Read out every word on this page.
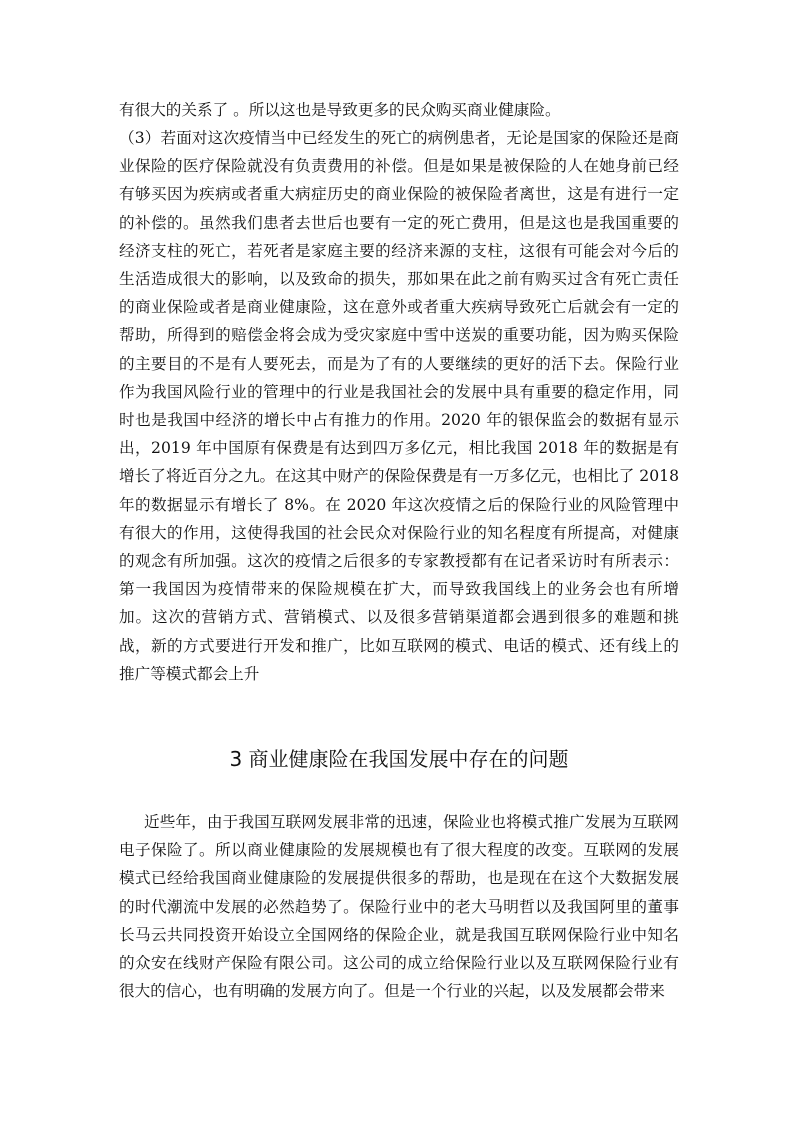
有很大的关系了 。所以这也是导致更多的民众购买商业健康险。

（3）若面对这次疫情当中已经发生的死亡的病例患者，无论是国家的保险还是商业保险的医疗保险就没有负责费用的补偿。但是如果是被保险的人在她身前已经有够买因为疾病或者重大病症历史的商业保险的被保险者离世，这是有进行一定的补偿的。虽然我们患者去世后也要有一定的死亡费用，但是这也是我国重要的经济支柱的死亡，若死者是家庭主要的经济来源的支柱，这很有可能会对今后的生活造成很大的影响，以及致命的损失，那如果在此之前有购买过含有死亡责任的商业保险或者是商业健康险，这在意外或者重大疾病导致死亡后就会有一定的帮助，所得到的赔偿金将会成为受灾家庭中雪中送炭的重要功能，因为购买保险的主要目的不是有人要死去，而是为了有的人要继续的更好的活下去。保险行业作为我国风险行业的管理中的行业是我国社会的发展中具有重要的稳定作用，同时也是我国中经济的增长中占有推力的作用。2020 年的银保监会的数据有显示出，2019 年中国原有保费是有达到四万多亿元，相比我国 2018 年的数据是有增长了将近百分之九。在这其中财产的保险保费是有一万多亿元，也相比了 2018 年的数据显示有增长了 8%。在 2020 年这次疫情之后的保险行业的风险管理中有很大的作用，这使得我国的社会民众对保险行业的知名程度有所提高，对健康的观念有所加强。这次的疫情之后很多的专家教授都有在记者采访时有所表示：第一我国因为疫情带来的保险规模在扩大，而导致我国线上的业务会也有所增加。这次的营销方式、营销模式、以及很多营销渠道都会遇到很多的难题和挑战，新的方式要进行开发和推广，比如互联网的模式、电话的模式、还有线上的推广等模式都会上升

3 商业健康险在我国发展中存在的问题

近些年，由于我国互联网发展非常的迅速，保险业也将模式推广发展为互联网电子保险了。所以商业健康险的发展规模也有了很大程度的改变。互联网的发展模式已经给我国商业健康险的发展提供很多的帮助，也是现在在这个大数据发展的时代潮流中发展的必然趋势了。保险行业中的老大马明哲以及我国阿里的董事长马云共同投资开始设立全国网络的保险企业，就是我国互联网保险行业中知名的众安在线财产保险有限公司。这公司的成立给保险行业以及互联网保险行业有很大的信心，也有明确的发展方向了。但是一个行业的兴起，以及发展都会带来
